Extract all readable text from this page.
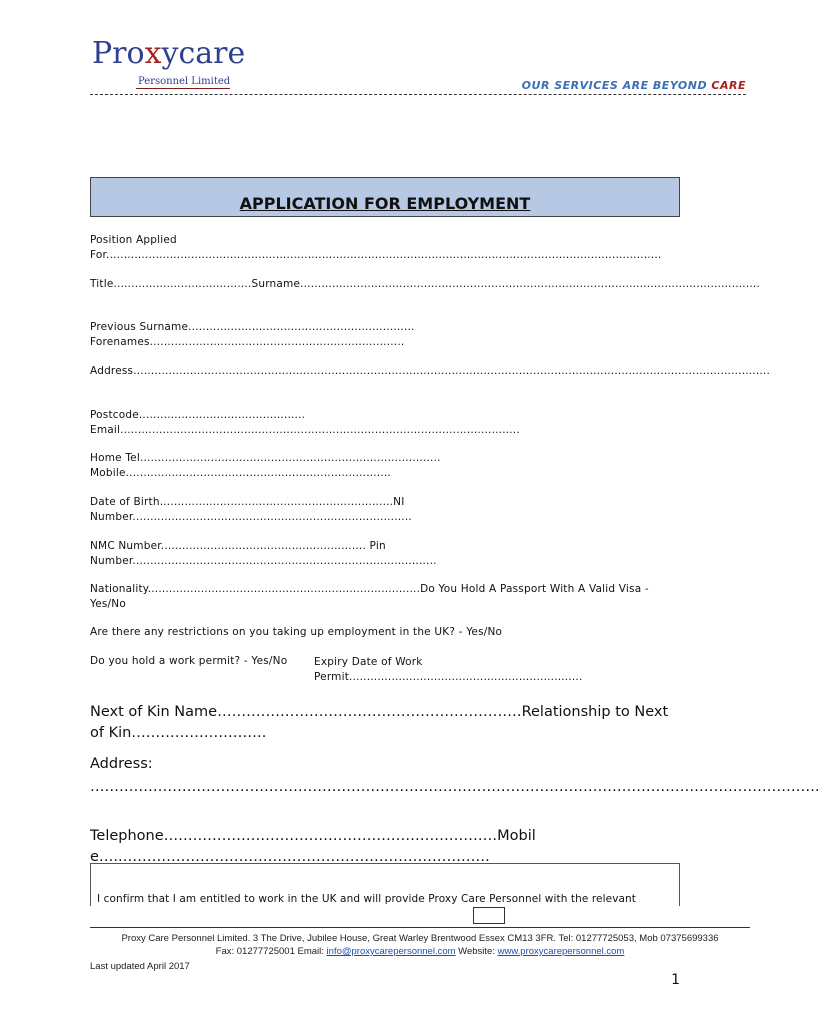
Proxycare
Personnel Limited	OUR SERVICES ARE BEYOND CARE
APPLICATION FOR EMPLOYMENT
Position Applied For.............................................................................................................................................................
Title.......................................Surname..................................................................................................................................
Previous Surname................................................................
Forenames........................................................................
Address....................................................................................................................................................................................
Postcode...............................................
Email.................................................................................................................
Home Tel.....................................................................................
Mobile...........................................................................
Date of Birth..................................................................NI Number...............................................................................
NMC Number.......................................................... Pin Number......................................................................................
Nationality.............................................................................Do You Hold A Passport With A Valid Visa - Yes/No
Are there any restrictions on you taking up employment in the UK? - Yes/No
Do you hold a work permit? - Yes/No	Expiry Date of Work Permit..................................................................
Next of Kin Name………………………………………………………Relationship to Next of Kin……………………….
Address:
…………………………………………………………………………………………………………………………………….
Telephone……………………………………………………………Mobile…..………………………………………………………………….
I confirm that I am entitled to work in the UK and will provide Proxy Care Personnel with the relevant
Proxy Care Personnel Limited. 3 The Drive, Jubilee House, Great Warley Brentwood Essex CM13 3FR. Tel: 01277725053, Mob 07375699336
Fax: 01277725001 Email: info@proxycarepersonnel.com Website: www.proxycarepersonnel.com
Last updated April 2017
1
